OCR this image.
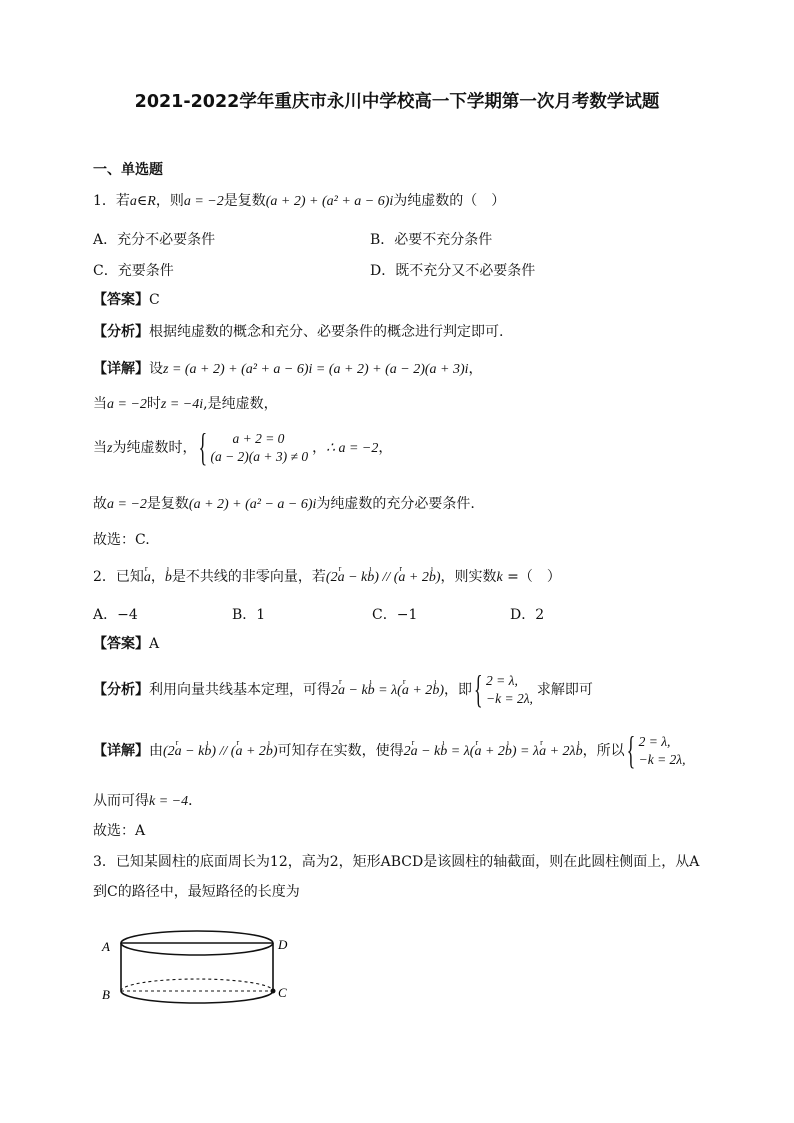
2021-2022学年重庆市永川中学校高一下学期第一次月考数学试题
一、单选题
1．若a∈R，则a = −2是复数(a + 2) + (a² + a − 6)i为纯虚数的（　）
A．充分不必要条件	B．必要不充分条件
C．充要条件	D．既不充分又不必要条件
【答案】C
【分析】根据纯虚数的概念和充分、必要条件的概念进行判定即可.
【详解】设z = (a + 2) + (a² + a − 6)i = (a + 2) + (a − 2)(a + 3)i，
当a = −2时z = −4i,是纯虚数，
当z为纯虚数时，
{ a + 2 = 0
(a − 2)(a + 3) ≠ 0
，∴ a = −2，
故a = −2是复数(a + 2) + (a² − a − 6)i为纯虚数的充分必要条件.
故选：C.
2．已知r a，ı b是不共线的非零向量，若(2r a − kı b) // (r a + 2ı b)，则实数k =（　）
A．−4	B．1	C．−1	D．2
【答案】A
【分析】利用向量共线基本定理，可得2r a − kı b = λ(r a + 2ı b)，即
{ 2 = λ,
−k = 2λ,
求解即可
【详解】由(2r a − kı b) // (r a + 2ı b)可知存在实数，使得2r a − kı b = λ(r a + 2ı b) = λr a + 2λı b，所以
{ 2 = λ,
−k = 2λ,
从而可得k = −4．
故选：A
3．已知某圆柱的底面周长为12，高为2，矩形ABCD是该圆柱的轴截面，则在此圆柱侧面上，从A
到C的路径中，最短路径的长度为
A	D
B	C
